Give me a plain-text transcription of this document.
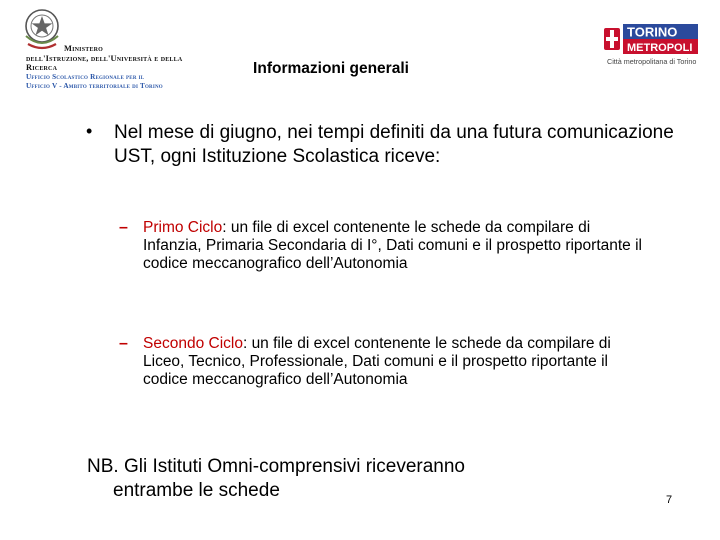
Ministero
dell'Istruzione, dell'Università e della Ricerca
Ufficio Scolastico Regionale per il
Ufficio V - Ambito territoriale di Torino
Informazioni generali
TORINO
METROPOLI
Città metropolitana di Torino
• Nel mese di giugno, nei tempi definiti da una futura comunicazione UST, ogni Istituzione Scolastica riceve:
– Primo Ciclo: un file di excel contenente le schede da compilare di Infanzia, Primaria Secondaria di I°, Dati comuni e il prospetto riportante il codice meccanografico dell’Autonomia
– Secondo Ciclo: un file di excel contenente le schede da compilare di Liceo, Tecnico, Professionale, Dati comuni e il prospetto riportante il codice meccanografico dell’Autonomia
NB. Gli Istituti Omni-comprensivi riceveranno
entrambe le schede	7
